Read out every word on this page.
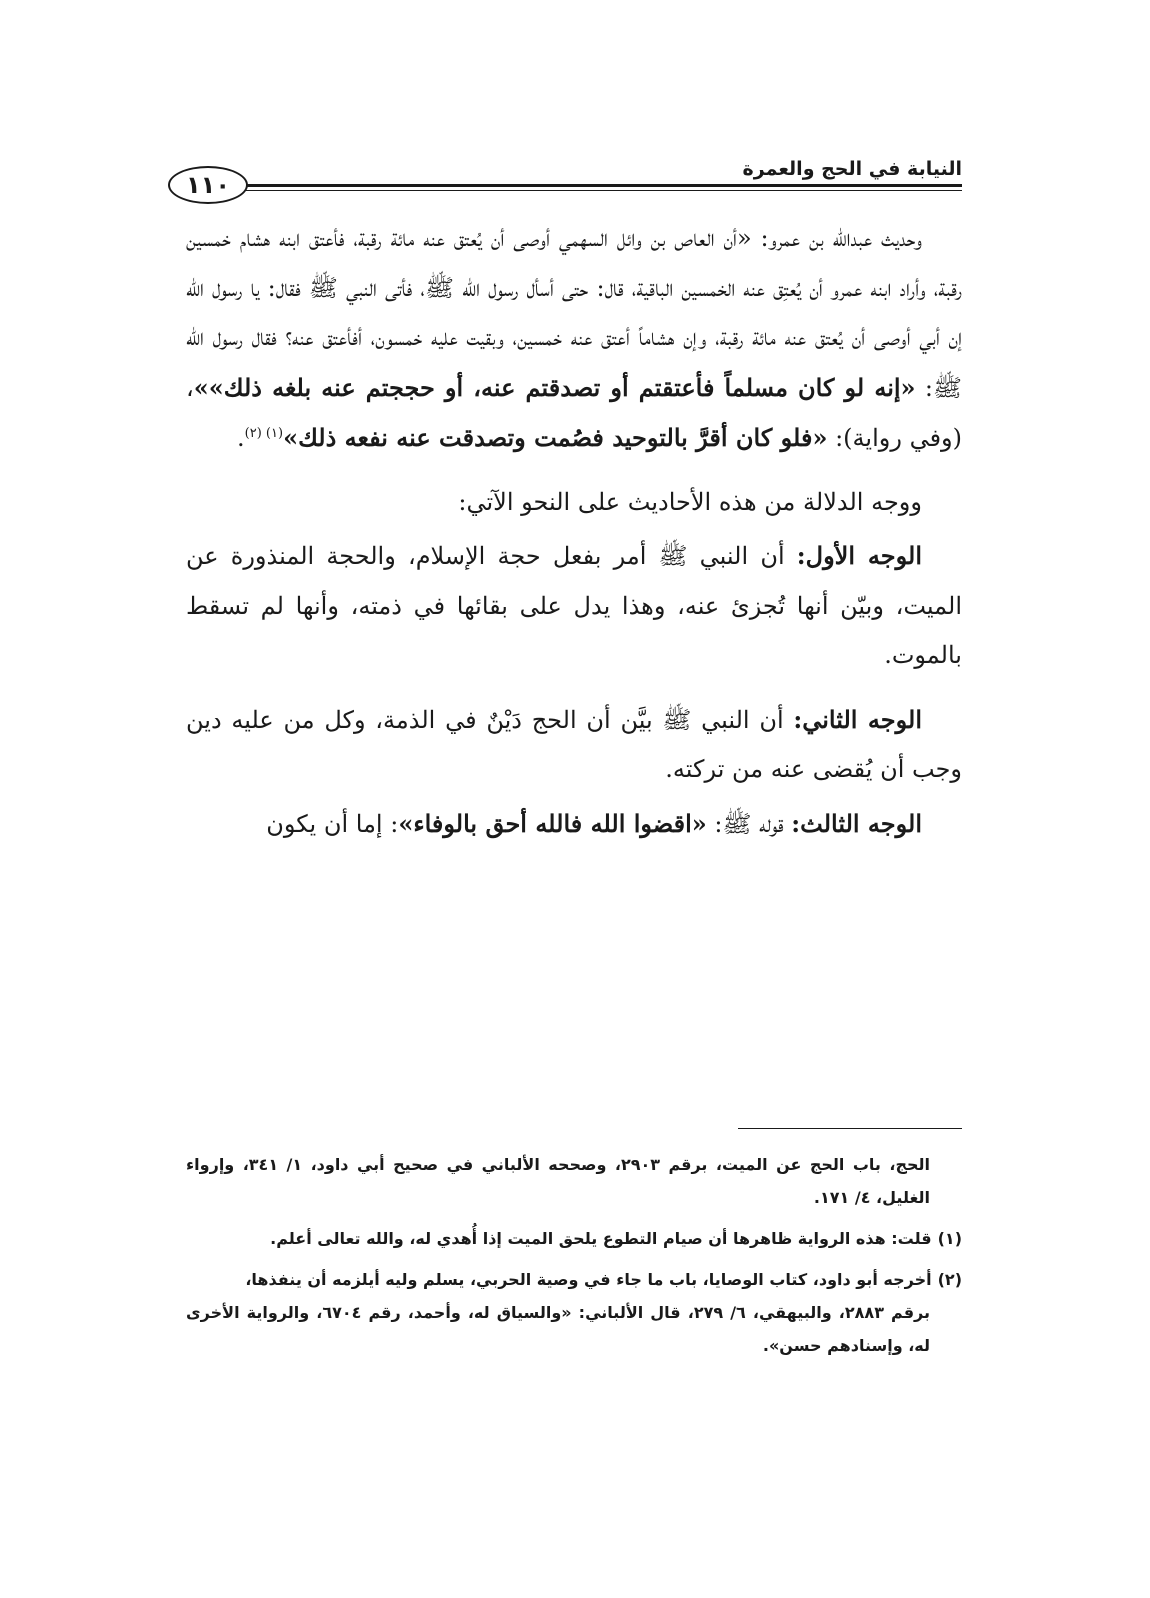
النيابة في الحج والعمرة
١١٠

وحديث عبدالله بن عمرو: «أن العاص بن وائل السهمي أوصى أن يُعتق عنه مائة رقبة، فأعتق ابنه هشام خمسين رقبة، وأراد ابنه عمرو أن يُعتِق عنه الخمسين الباقية، قال: حتى أسأل رسول الله ﷺ، فأتى النبي ﷺ فقال: يا رسول الله إن أبي أوصى أن يُعتق عنه مائة رقبة، وإن هشاماً أعتق عنه خمسين، وبقيت عليه خمسون، أفأعتق عنه؟ فقال رسول الله ﷺ: «إنه لو كان مسلماً فأعتقتم أو تصدقتم عنه، أو حججتم عنه بلغه ذلك»»، (وفي رواية): «فلو كان أقرَّ بالتوحيد فصُمت وتصدقت عنه نفعه ذلك»$^{(١) (٢)}$.

ووجه الدلالة من هذه الأحاديث على النحو الآتي:

الوجه الأول: أن النبي ﷺ أمر بفعل حجة الإسلام، والحجة المنذورة عن الميت، وبيّن أنها تُجزئ عنه، وهذا يدل على بقائها في ذمته، وأنها لم تسقط بالموت.

الوجه الثاني: أن النبي ﷺ بيَّن أن الحج دَيْنٌ في الذمة، وكل من عليه دين وجب أن يُقضى عنه من تركته.

الوجه الثالث: قوله ﷺ: «اقضوا الله فالله أحق بالوفاء»: إما أن يكون

الحج، باب الحج عن الميت، برقم ٢٩٠٣، وصححه الألباني في صحيح أبي داود، ١/ ٣٤١، وإرواء الغليل، ٤/ ١٧١.

(١)قلت: هذه الرواية ظاهرها أن صيام التطوع يلحق الميت إذا أُهدي له، والله تعالى أعلم.

(٢)أخرجه أبو داود، كتاب الوصايا، باب ما جاء في وصية الحربي، يسلم وليه أيلزمه أن ينفذها،
برقم ٢٨٨٣، والبيهقي، ٦/ ٢٧٩، قال الألباني: «والسياق له، وأحمد، رقم ٦٧٠٤، والرواية الأخرى له، وإسنادهم حسن».
